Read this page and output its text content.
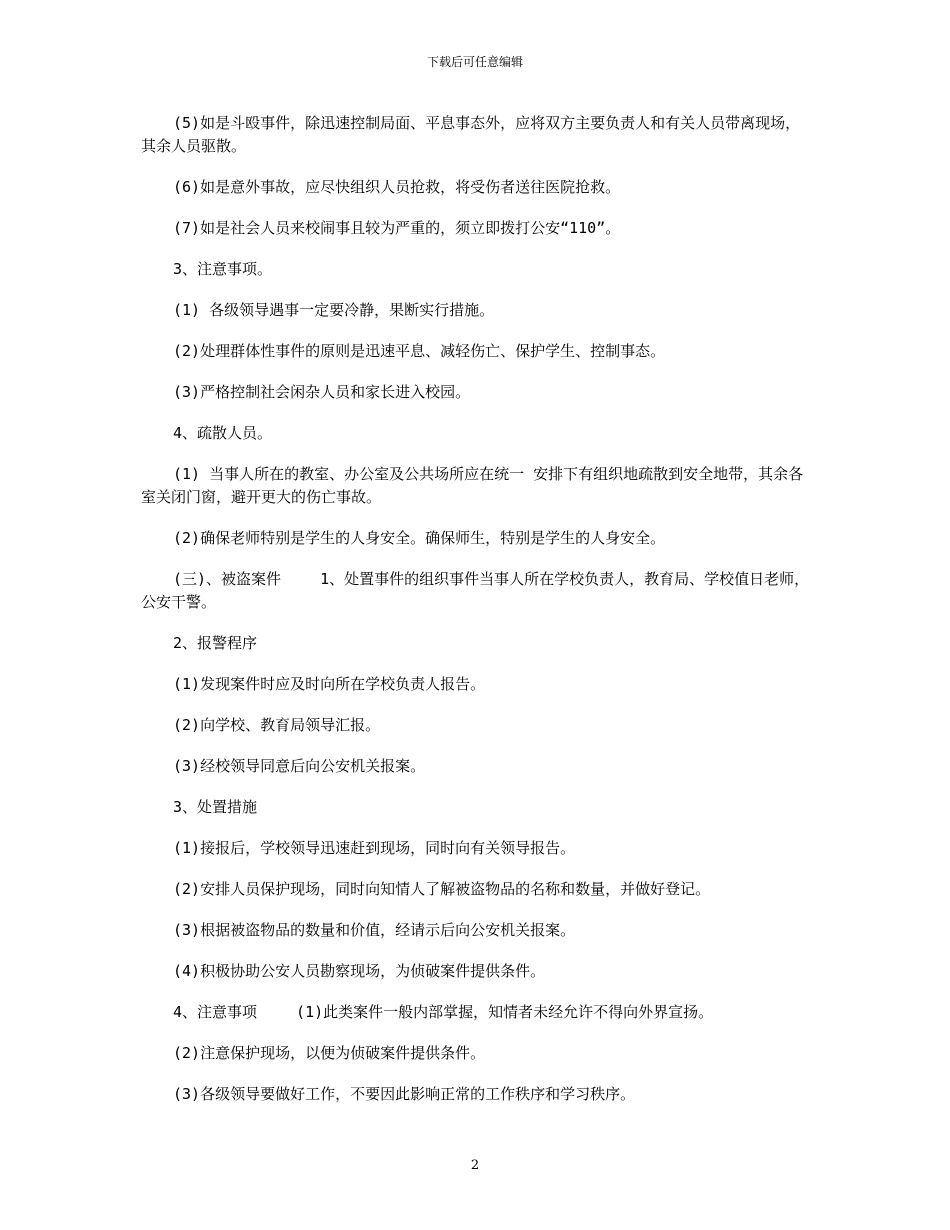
下载后可任意编辑

(5)如是斗殴事件，除迅速控制局面、平息事态外，应将双方主要负责人和有关人员带离现场，其余人员驱散。

(6)如是意外事故，应尽快组织人员抢救，将受伤者送往医院抢救。

(7)如是社会人员来校闹事且较为严重的，须立即拨打公安“110”。

3、注意事项。

(1) 各级领导遇事一定要冷静，果断实行措施。

(2)处理群体性事件的原则是迅速平息、减轻伤亡、保护学生、控制事态。

(3)严格控制社会闲杂人员和家长进入校园。

4、疏散人员。

(1) 当事人所在的教室、办公室及公共场所应在统一 安排下有组织地疏散到安全地带，其余各室关闭门窗，避开更大的伤亡事故。

(2)确保老师特别是学生的人身安全。确保师生，特别是学生的人身安全。

(三)、被盗案件　　 1、处置事件的组织事件当事人所在学校负责人，教育局、学校值日老师，公安干警。

2、报警程序

(1)发现案件时应及时向所在学校负责人报告。

(2)向学校、教育局领导汇报。

(3)经校领导同意后向公安机关报案。

3、处置措施

(1)接报后，学校领导迅速赶到现场，同时向有关领导报告。

(2)安排人员保护现场，同时向知情人了解被盗物品的名称和数量，并做好登记。

(3)根据被盗物品的数量和价值，经请示后向公安机关报案。

(4)积极协助公安人员勘察现场，为侦破案件提供条件。

4、注意事项　　 (1)此类案件一般内部掌握，知情者未经允许不得向外界宣扬。

(2)注意保护现场，以便为侦破案件提供条件。

(3)各级领导要做好工作，不要因此影响正常的工作秩序和学习秩序。

2
